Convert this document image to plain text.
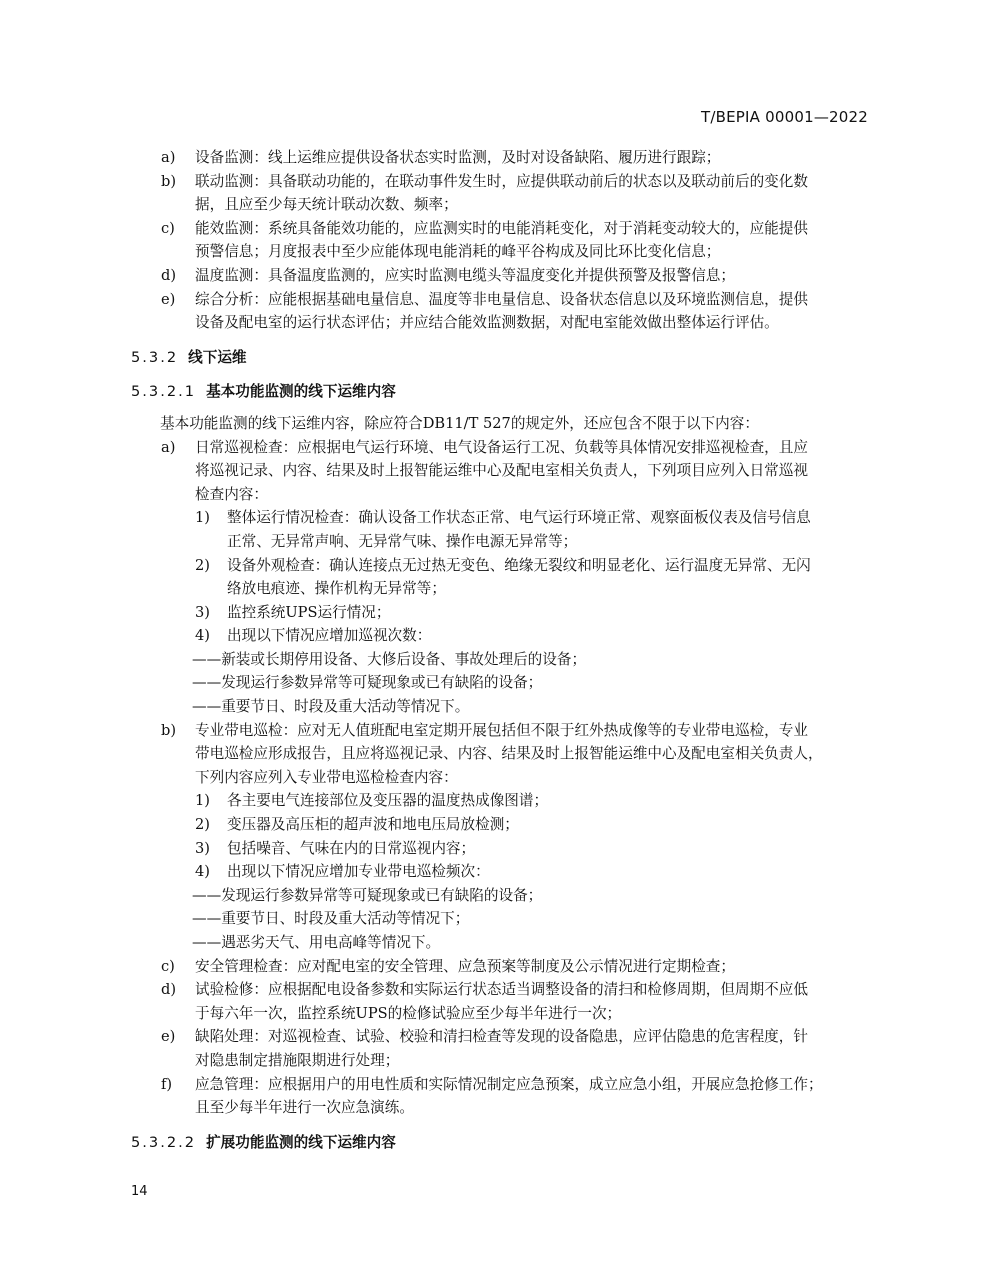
T/BEPIA 00001—2022
a) 设备监测：线上运维应提供设备状态实时监测，及时对设备缺陷、履历进行跟踪；
b) 联动监测：具备联动功能的，在联动事件发生时，应提供联动前后的状态以及联动前后的变化数
据，且应至少每天统计联动次数、频率；
c) 能效监测：系统具备能效功能的，应监测实时的电能消耗变化，对于消耗变动较大的，应能提供
预警信息；月度报表中至少应能体现电能消耗的峰平谷构成及同比环比变化信息；
d) 温度监测：具备温度监测的，应实时监测电缆头等温度变化并提供预警及报警信息；
e) 综合分析：应能根据基础电量信息、温度等非电量信息、设备状态信息以及环境监测信息，提供
设备及配电室的运行状态评估；并应结合能效监测数据，对配电室能效做出整体运行评估。
5.3.2 线下运维
5.3.2.1 基本功能监测的线下运维内容
基本功能监测的线下运维内容，除应符合DB11/T 527的规定外，还应包含不限于以下内容：
a) 日常巡视检查：应根据电气运行环境、电气设备运行工况、负载等具体情况安排巡视检查，且应
将巡视记录、内容、结果及时上报智能运维中心及配电室相关负责人，下列项目应列入日常巡视
检查内容：
1) 整体运行情况检查：确认设备工作状态正常、电气运行环境正常、观察面板仪表及信号信息
正常、无异常声响、无异常气味、操作电源无异常等；
2) 设备外观检查：确认连接点无过热无变色、绝缘无裂纹和明显老化、运行温度无异常、无闪
络放电痕迹、操作机构无异常等；
3) 监控系统UPS运行情况；
4) 出现以下情况应增加巡视次数：
——新装或长期停用设备、大修后设备、事故处理后的设备；
——发现运行参数异常等可疑现象或已有缺陷的设备；
——重要节日、时段及重大活动等情况下。
b) 专业带电巡检：应对无人值班配电室定期开展包括但不限于红外热成像等的专业带电巡检，专业
带电巡检应形成报告，且应将巡视记录、内容、结果及时上报智能运维中心及配电室相关负责人，
下列内容应列入专业带电巡检检查内容：
1) 各主要电气连接部位及变压器的温度热成像图谱；
2) 变压器及高压柜的超声波和地电压局放检测；
3) 包括噪音、气味在内的日常巡视内容；
4) 出现以下情况应增加专业带电巡检频次：
——发现运行参数异常等可疑现象或已有缺陷的设备；
——重要节日、时段及重大活动等情况下；
——遇恶劣天气、用电高峰等情况下。
c) 安全管理检查：应对配电室的安全管理、应急预案等制度及公示情况进行定期检查；
d) 试验检修：应根据配电设备参数和实际运行状态适当调整设备的清扫和检修周期，但周期不应低
于每六年一次，监控系统UPS的检修试验应至少每半年进行一次；
e) 缺陷处理：对巡视检查、试验、校验和清扫检查等发现的设备隐患，应评估隐患的危害程度，针
对隐患制定措施限期进行处理；
f) 应急管理：应根据用户的用电性质和实际情况制定应急预案，成立应急小组，开展应急抢修工作；
且至少每半年进行一次应急演练。
5.3.2.2 扩展功能监测的线下运维内容
14
